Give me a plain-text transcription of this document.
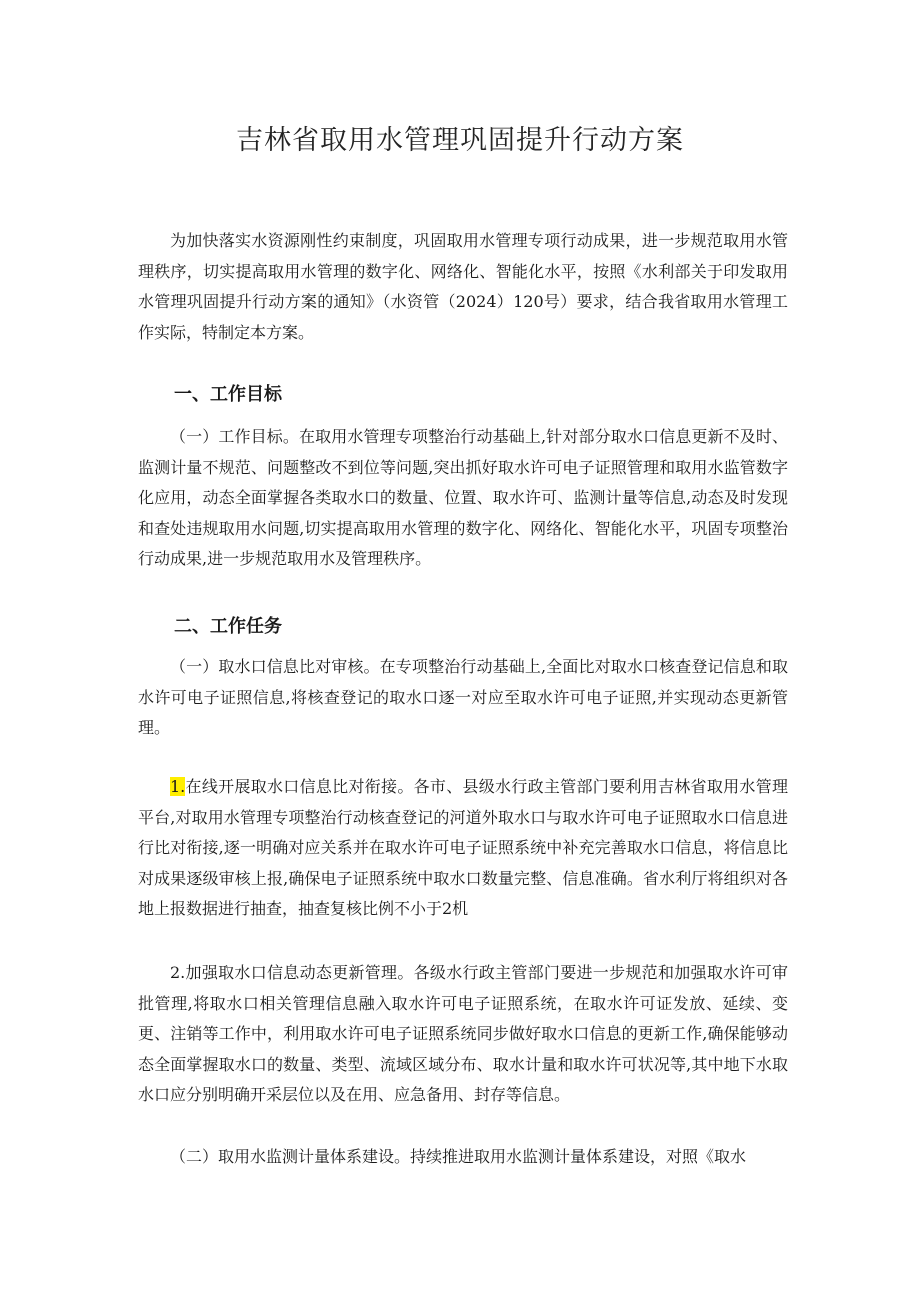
吉林省取用水管理巩固提升行动方案

为加快落实水资源刚性约束制度，巩固取用水管理专项行动成果，进一步规范取用水管理秩序，切实提高取用水管理的数字化、网络化、智能化水平，按照《水利部关于印发取用水管理巩固提升行动方案的通知》（水资管（2024）120号）要求，结合我省取用水管理工作实际，特制定本方案。

一、工作目标

（一）工作目标。在取用水管理专项整治行动基础上,针对部分取水口信息更新不及时、监测计量不规范、问题整改不到位等问题,突出抓好取水许可电子证照管理和取用水监管数字化应用，动态全面掌握各类取水口的数量、位置、取水许可、监测计量等信息,动态及时发现和查处违规取用水问题,切实提高取用水管理的数字化、网络化、智能化水平，巩固专项整治行动成果,进一步规范取用水及管理秩序。

二、工作任务

（一）取水口信息比对审核。在专项整治行动基础上,全面比对取水口核查登记信息和取水许可电子证照信息,将核查登记的取水口逐一对应至取水许可电子证照,并实现动态更新管理。

1.在线开展取水口信息比对衔接。各市、县级水行政主管部门要利用吉林省取用水管理平台,对取用水管理专项整治行动核查登记的河道外取水口与取水许可电子证照取水口信息进行比对衔接,逐一明确对应关系并在取水许可电子证照系统中补充完善取水口信息，将信息比对成果逐级审核上报,确保电子证照系统中取水口数量完整、信息准确。省水利厅将组织对各地上报数据进行抽查，抽查复核比例不小于2机

2.加强取水口信息动态更新管理。各级水行政主管部门要进一步规范和加强取水许可审批管理,将取水口相关管理信息融入取水许可电子证照系统，在取水许可证发放、延续、变更、注销等工作中，利用取水许可电子证照系统同步做好取水口信息的更新工作,确保能够动态全面掌握取水口的数量、类型、流域区域分布、取水计量和取水许可状况等,其中地下水取水口应分别明确开采层位以及在用、应急备用、封存等信息。

（二）取用水监测计量体系建设。持续推进取用水监测计量体系建设，对照《取水
